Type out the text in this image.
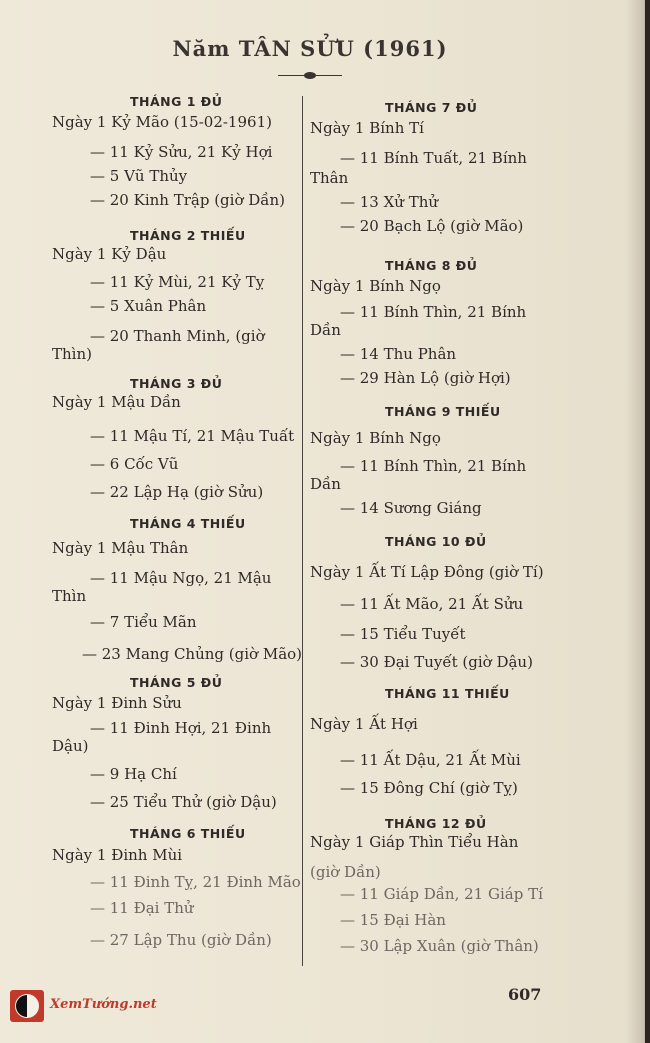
Năm TÂN SỬU (1961)
THÁNG 1 ĐỦ
Ngày 1 Kỷ Mão (15-02-1961)
— 11 Kỷ Sửu, 21 Kỷ Hợi
— 5 Vũ Thủy
— 20 Kinh Trập (giờ Dần)
THÁNG 2 THIẾU
Ngày 1 Kỷ Dậu
— 11 Kỷ Mùi, 21 Kỷ Tỵ
— 5 Xuân Phân
— 20 Thanh Minh, (giờ
Thìn)
THÁNG 3 ĐỦ
Ngày 1 Mậu Dần
— 11 Mậu Tí, 21 Mậu Tuất
— 6 Cốc Vũ
— 22 Lập Hạ (giờ Sửu)
THÁNG 4 THIẾU
Ngày 1 Mậu Thân
— 11 Mậu Ngọ, 21 Mậu
Thìn
— 7 Tiểu Mãn
— 23 Mang Chủng (giờ Mão)
THÁNG 5 ĐỦ
Ngày 1 Đinh Sửu
— 11 Đinh Hợi, 21 Đinh
Dậu)
— 9 Hạ Chí
— 25 Tiểu Thử (giờ Dậu)
THÁNG 6 THIẾU
Ngày 1 Đinh Mùi
— 11 Đinh Tỵ, 21 Đinh Mão
— 11 Đại Thử
— 27 Lập Thu (giờ Dần)
THÁNG 7 ĐỦ
Ngày 1 Bính Tí
— 11 Bính Tuất, 21 Bính
Thân
— 13 Xử Thử
— 20 Bạch Lộ (giờ Mão)
THÁNG 8 ĐỦ
Ngày 1 Bính Ngọ
— 11 Bính Thìn, 21 Bính
Dần
— 14 Thu Phân
— 29 Hàn Lộ (giờ Hợi)
THÁNG 9 THIẾU
Ngày 1 Bính Ngọ
— 11 Bính Thìn, 21 Bính
Dần
— 14 Sương Giáng
THÁNG 10 ĐỦ
Ngày 1 Ất Tí Lập Đông (giờ Tí)
— 11 Ất Mão, 21 Ất Sửu
— 15 Tiểu Tuyết
— 30 Đại Tuyết (giờ Dậu)
THÁNG 11 THIẾU
Ngày 1 Ất Hợi
— 11 Ất Dậu, 21 Ất Mùi
— 15 Đông Chí (giờ Tỵ)
THÁNG 12 ĐỦ
Ngày 1 Giáp Thìn Tiểu Hàn
(giờ Dần)
— 11 Giáp Dần, 21 Giáp Tí
— 15 Đại Hàn
— 30 Lập Xuân (giờ Thân)
607
XemTướng.net
